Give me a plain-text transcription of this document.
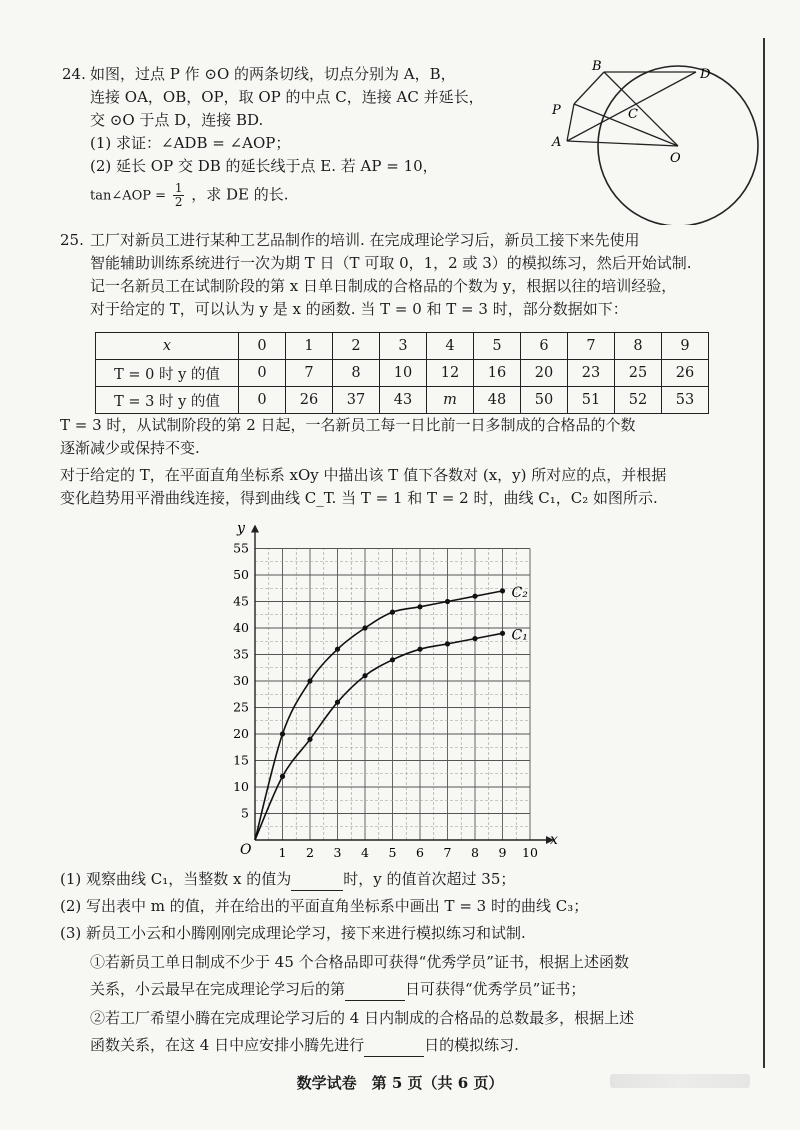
24. 如图，过点 P 作 ⊙O 的两条切线，切点分别为 A，B，
连接 OA，OB，OP，取 OP 的中点 C，连接 AC 并延长，
交 ⊙O 于点 D，连接 BD.
(1) 求证：∠ADB = ∠AOP；
(2) 延长 OP 交 DB 的延长线于点 E. 若 AP = 10，
tan∠AOP = $\frac{1}{2}$ ，求 DE 的长.
B
D
P	C
A
O
25. 工厂对新员工进行某种工艺品制作的培训. 在完成理论学习后，新员工接下来先使用
智能辅助训练系统进行一次为期 T 日（T 可取 0，1，2 或 3）的模拟练习，然后开始试制.
记一名新员工在试制阶段的第 x 日单日制成的合格品的个数为 y，根据以往的培训经验，
对于给定的 T，可以认为 y 是 x 的函数. 当 T = 0 和 T = 3 时，部分数据如下：
x	0	1	2	3	4	5	6	7	8	9
T = 0 时 y 的值	0	7	8	10	12	16	20	23	25	26
T = 3 时 y 的值	0	26	37	43	m	48	50	51	52	53
T = 3 时，从试制阶段的第 2 日起，一名新员工每一日比前一日多制成的合格品的个数
逐渐减少或保持不变.
对于给定的 T，在平面直角坐标系 xOy 中描出该 T 值下各数对 (x，y) 所对应的点，并根据
变化趋势用平滑曲线连接，得到曲线 C_T. 当 T = 1 和 T = 2 时，曲线 C₁，C₂ 如图所示.
x
y
O 1 2 3 4 5 6 7 8 9 10
5
10
15
20
25
30
35
40
45
50
55
C₂
C₁
(1) 观察曲线 C₁，当整数 x 的值为	时，y 的值首次超过 35；
(2) 写出表中 m 的值，并在给出的平面直角坐标系中画出 T = 3 时的曲线 C₃；
(3) 新员工小云和小腾刚刚完成理论学习，接下来进行模拟练习和试制.
①若新员工单日制成不少于 45 个合格品即可获得“优秀学员”证书，根据上述函数
关系，小云最早在完成理论学习后的第	日可获得“优秀学员”证书；
②若工厂希望小腾在完成理论学习后的 4 日内制成的合格品的总数最多，根据上述
函数关系，在这 4 日中应安排小腾先进行	日的模拟练习.
数学试卷　第 5 页（共 6 页）
